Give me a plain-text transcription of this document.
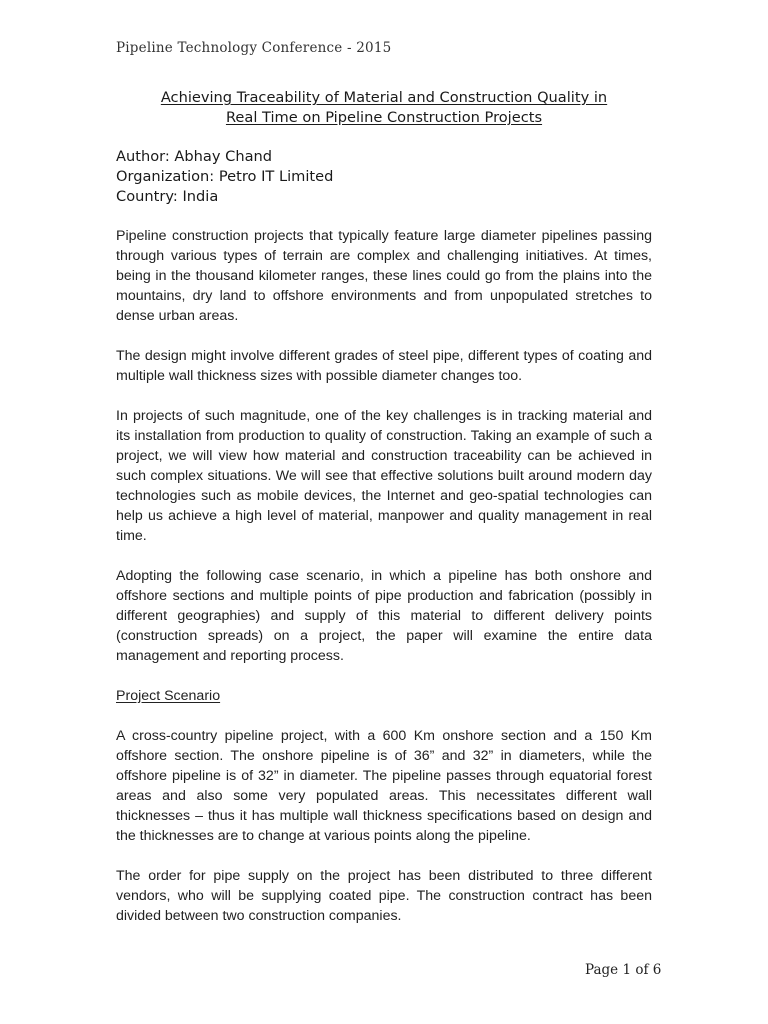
Pipeline Technology Conference - 2015
Achieving Traceability of Material and Construction Quality in
Real Time on Pipeline Construction Projects
Author: Abhay Chand
Organization: Petro IT Limited
Country: India

Pipeline construction projects that typically feature large diameter pipelines passing through various types of terrain are complex and challenging initiatives. At times, being in the thousand kilometer ranges, these lines could go from the plains into the mountains, dry land to offshore environments and from unpopulated stretches to dense urban areas.

The design might involve different grades of steel pipe, different types of coating and multiple wall thickness sizes with possible diameter changes too.

In projects of such magnitude, one of the key challenges is in tracking material and its installation from production to quality of construction. Taking an example of such a project, we will view how material and construction traceability can be achieved in such complex situations. We will see that effective solutions built around modern day technologies such as mobile devices, the Internet and geo-spatial technologies can help us achieve a high level of material, manpower and quality management in real time.

Adopting the following case scenario, in which a pipeline has both onshore and offshore sections and multiple points of pipe production and fabrication (possibly in different geographies) and supply of this material to different delivery points (construction spreads) on a project, the paper will examine the entire data management and reporting process.

Project Scenario

A cross-country pipeline project, with a 600 Km onshore section and a 150 Km offshore section. The onshore pipeline is of 36” and 32” in diameters, while the offshore pipeline is of 32” in diameter. The pipeline passes through equatorial forest areas and also some very populated areas. This necessitates different wall thicknesses – thus it has multiple wall thickness specifications based on design and the thicknesses are to change at various points along the pipeline.

The order for pipe supply on the project has been distributed to three different vendors, who will be supplying coated pipe. The construction contract has been divided between two construction companies.

Page 1 of 6
